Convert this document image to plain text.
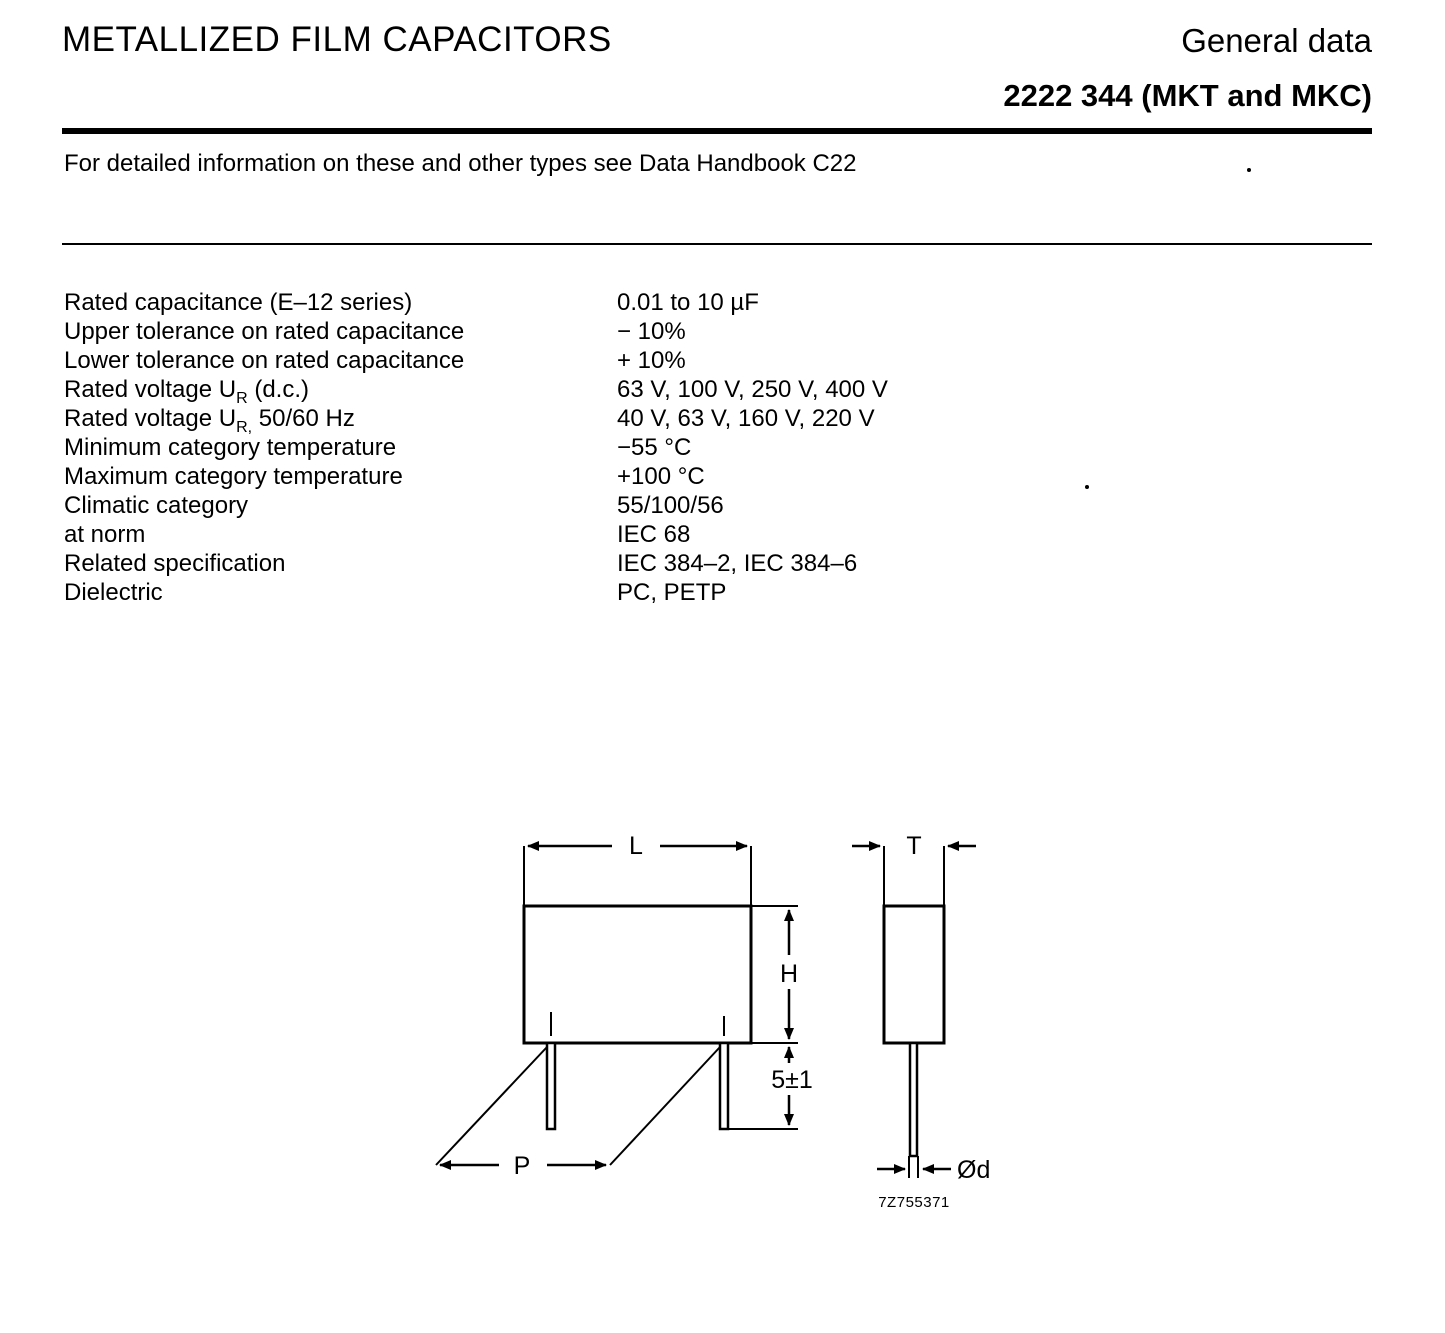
METALLIZED FILM CAPACITORS	General data
2222 344 (MKT and MKC)
For detailed information on these and other types see Data Handbook C22
Rated capacitance (E–12 series)	0.01 to 10 µF
Upper tolerance on rated capacitance	− 10%
Lower tolerance on rated capacitance	+ 10%
Rated voltage $U_R$ (d.c.)	63 V, 100 V, 250 V, 400 V
Rated voltage $U_{R,}$ 50/60 Hz	40 V, 63 V, 160 V, 220 V
Minimum category temperature	−55 °C
Maximum category temperature	+100 °C
Climatic category	55/100/56
at norm	IEC 68
Related specification	IEC 384–2, IEC 384–6
Dielectric	PC, PETP
L
H
5±1
P
T
Ød
7Z755371
